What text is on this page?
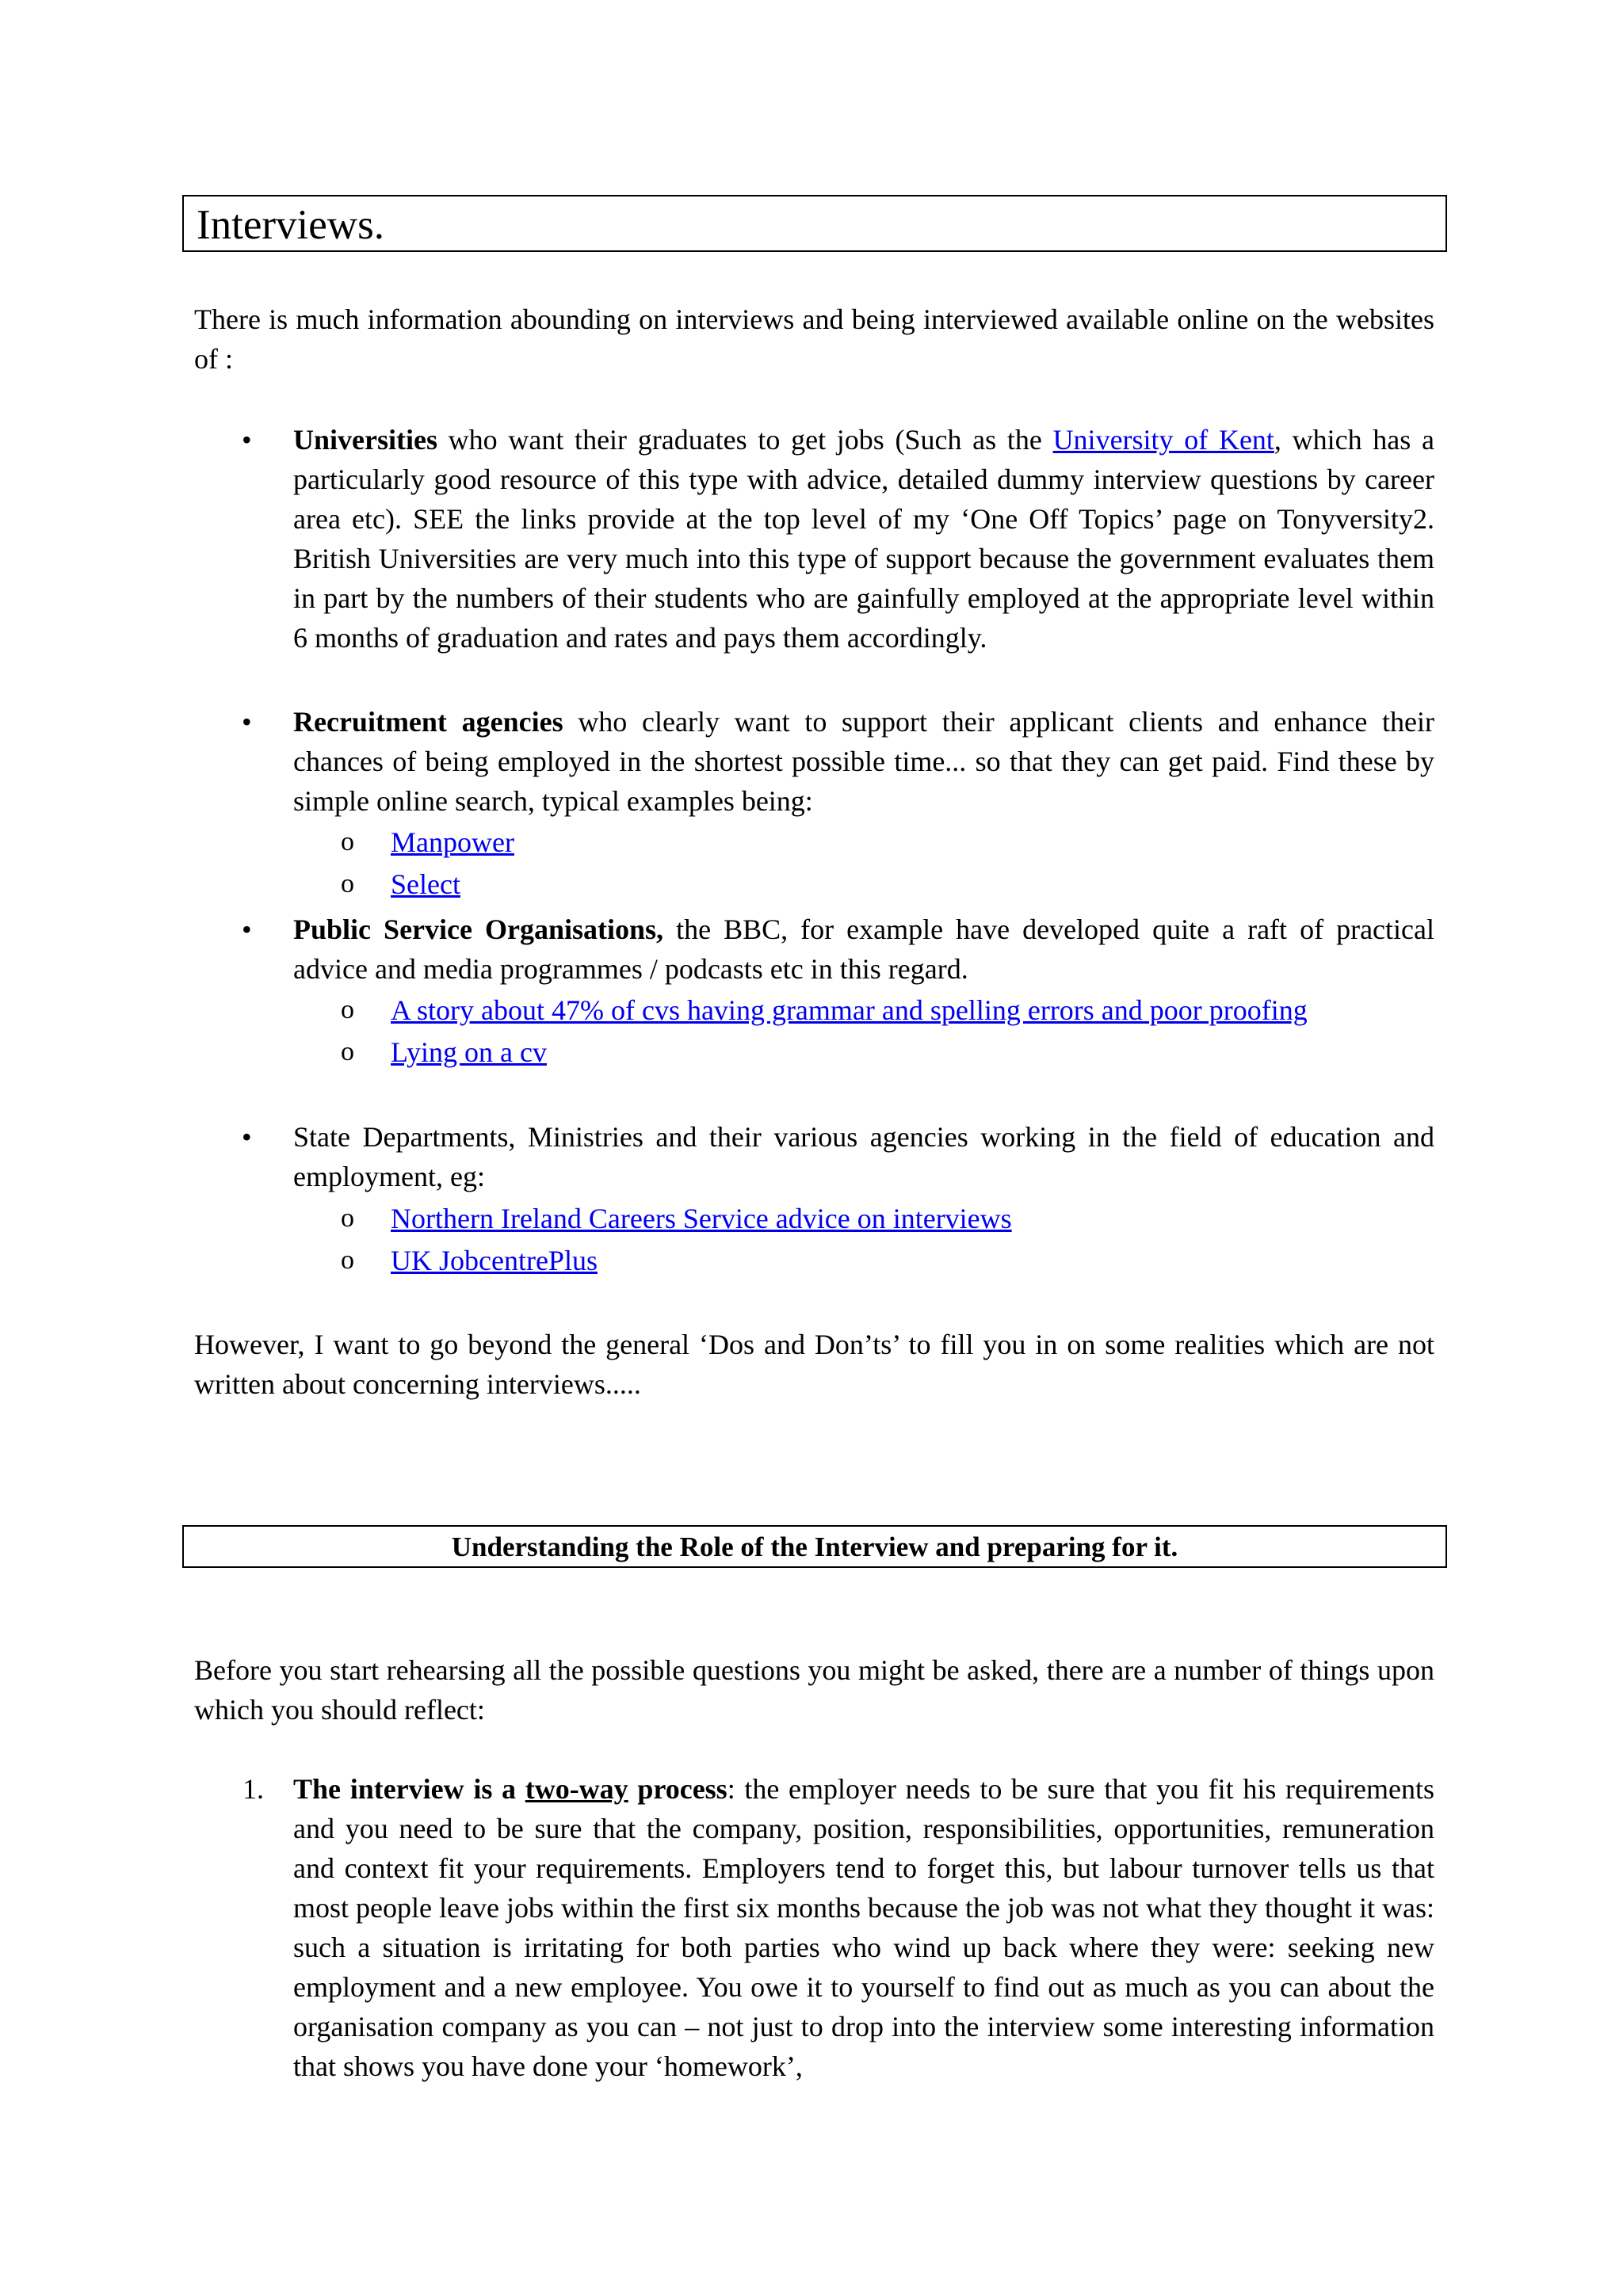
Interviews.

There is much information abounding on interviews and being interviewed available online on the websites of :

• Universities who want their graduates to get jobs (Such as the University of Kent, which has a particularly good resource of this type with advice, detailed dummy interview questions by career area etc). SEE the links provide at the top level of my ‘One Off Topics’ page on Tonyversity2. British Universities are very much into this type of support because the government evaluates them in part by the numbers of their students who are gainfully employed at the appropriate level within 6 months of graduation and rates and pays them accordingly.

• Recruitment agencies who clearly want to support their applicant clients and enhance their chances of being employed in the shortest possible time... so that they can get paid. Find these by simple online search, typical examples being:

o Manpower
o Select
• Public Service Organisations, the BBC, for example have developed quite a raft of practical advice and media programmes / podcasts etc in this regard.

o A story about 47% of cvs having grammar and spelling errors and poor proofing
o Lying on a cv
• State Departments, Ministries and their various agencies working in the field of education and employment, eg:

o Northern Ireland Careers Service advice on interviews
o UK JobcentrePlus

However, I want to go beyond the general ‘Dos and Don’ts’ to fill you in on some realities which are not written about concerning interviews.....

Understanding the Role of the Interview and preparing for it.

Before you start rehearsing all the possible questions you might be asked, there are a number of things upon which you should reflect:

1. The interview is a two-way process: the employer needs to be sure that you fit his requirements and you need to be sure that the company, position, responsibilities, opportunities, remuneration and context fit your requirements. Employers tend to forget this, but labour turnover tells us that most people leave jobs within the first six months because the job was not what they thought it was: such a situation is irritating for both parties who wind up back where they were: seeking new employment and a new employee. You owe it to yourself to find out as much as you can about the organisation company as you can – not just to drop into the interview some interesting information that shows you have done your ‘homework’,
